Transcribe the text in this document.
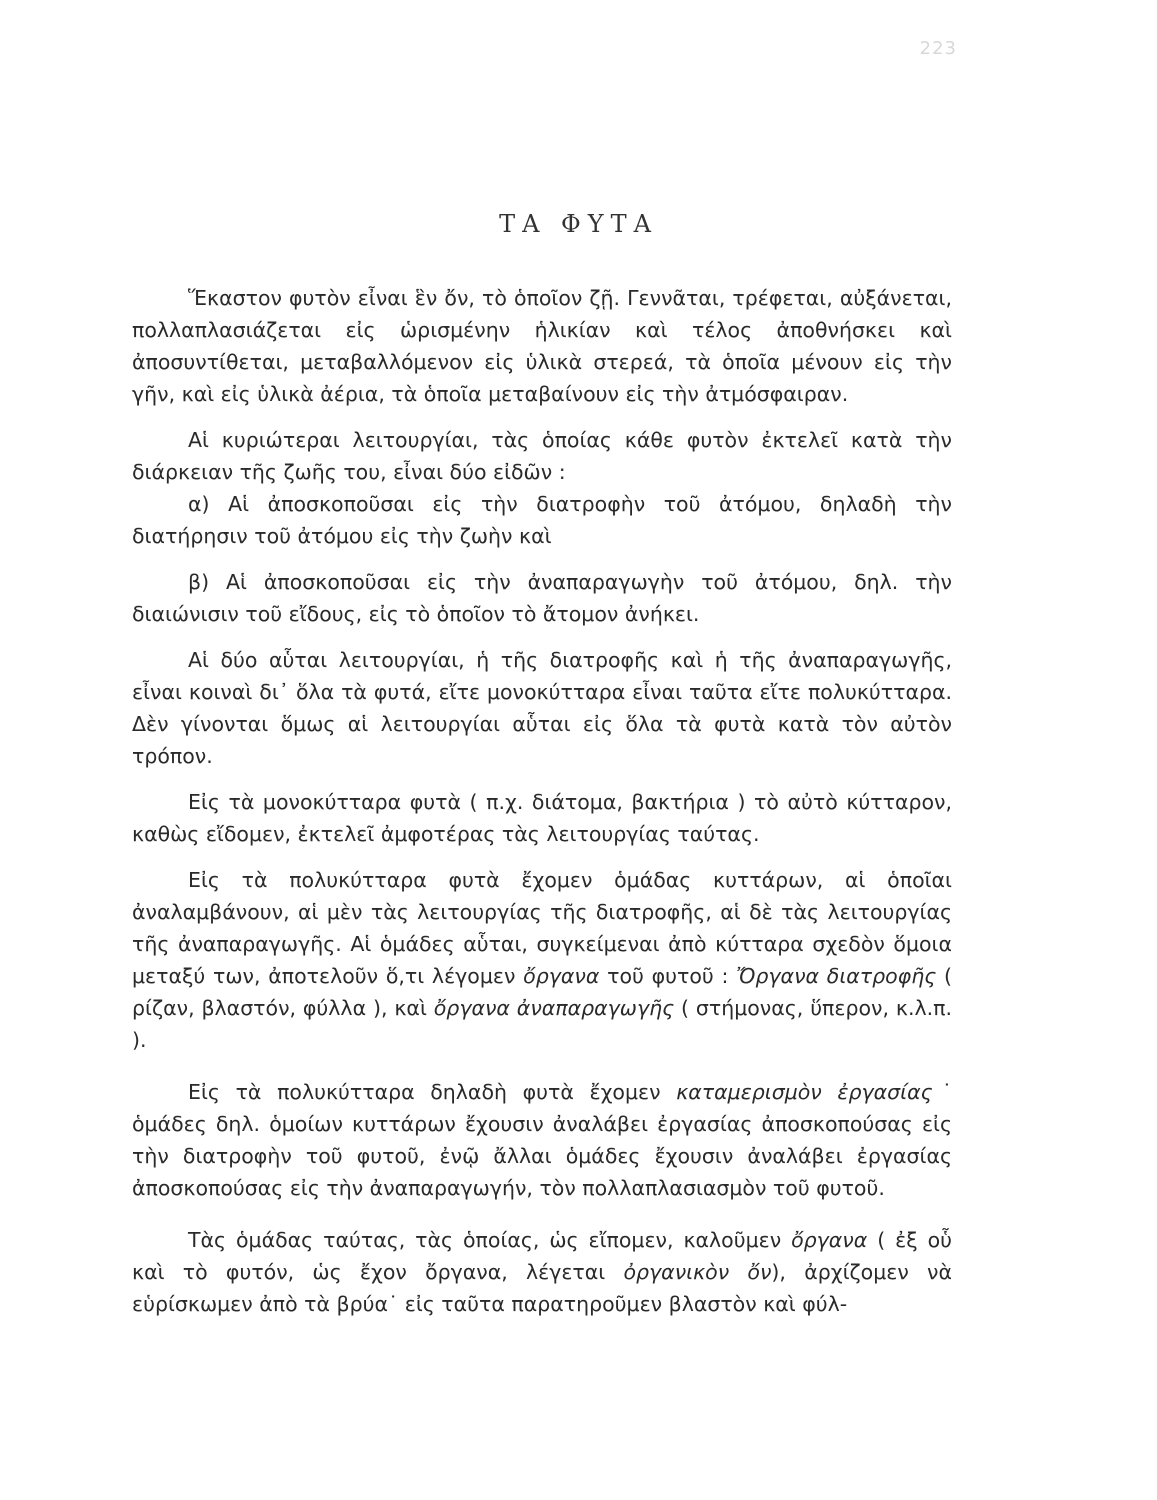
223
ΤΑ ΦΥΤΑ

Ἕκαστον φυτὸν εἶναι ἓν ὄν, τὸ ὁποῖον ζῇ. Γεννᾶται, τρέφεται, αὐξάνεται, πολλαπλασιάζεται εἰς ὡρισμένην ἡλικίαν καὶ τέλος ἀποθνήσκει καὶ ἀποσυντίθεται, μεταβαλλόμενον εἰς ὑλικὰ στερεά, τὰ ὁποῖα μένουν εἰς τὴν γῆν, καὶ εἰς ὑλικὰ ἀέρια, τὰ ὁποῖα μεταβαίνουν εἰς τὴν ἀτμόσφαιραν.

Αἱ κυριώτεραι λειτουργίαι, τὰς ὁποίας κάθε φυτὸν ἐκτελεῖ κατὰ τὴν διάρκειαν τῆς ζωῆς του, εἶναι δύο εἰδῶν :

α) Αἱ ἀποσκοποῦσαι εἰς τὴν διατροφὴν τοῦ ἀτόμου, δηλαδὴ τὴν διατήρησιν τοῦ ἀτόμου εἰς τὴν ζωὴν καὶ

β) Αἱ ἀποσκοποῦσαι εἰς τὴν ἀναπαραγωγὴν τοῦ ἀτόμου, δηλ. τὴν διαιώνισιν τοῦ εἴδους, εἰς τὸ ὁποῖον τὸ ἄτομον ἀνήκει.

Αἱ δύο αὗται λειτουργίαι, ἡ τῆς διατροφῆς καὶ ἡ τῆς ἀναπαραγωγῆς, εἶναι κοιναὶ δι᾽ ὅλα τὰ φυτά, εἴτε μονοκύτταρα εἶναι ταῦτα εἴτε πολυκύτταρα. Δὲν γίνονται ὅμως αἱ λειτουργίαι αὗται εἰς ὅλα τὰ φυτὰ κατὰ τὸν αὐτὸν τρόπον.

Εἰς τὰ μονοκύτταρα φυτὰ ( π.χ. διάτομα, βακτήρια ) τὸ αὐτὸ κύτταρον, καθὼς εἴδομεν, ἐκτελεῖ ἀμφοτέρας τὰς λειτουργίας ταύτας.

Εἰς τὰ πολυκύτταρα φυτὰ ἔχομεν ὁμάδας κυττάρων, αἱ ὁποῖαι ἀναλαμβάνουν, αἱ μὲν τὰς λειτουργίας τῆς διατροφῆς, αἱ δὲ τὰς λειτουργίας τῆς ἀναπαραγωγῆς. Αἱ ὁμάδες αὗται, συγκείμεναι ἀπὸ κύτταρα σχεδὸν ὅμοια μεταξύ των, ἀποτελοῦν ὅ,τι λέγομεν ὄργανα τοῦ φυτοῦ : Ὄργανα διατροφῆς ( ρίζαν, βλαστόν, φύλλα ), καὶ ὄργανα ἀναπαραγωγῆς ( στήμονας, ὕπερον, κ.λ.π. ).

Εἰς τὰ πολυκύτταρα δηλαδὴ φυτὰ ἔχομεν καταμερισμὸν ἐργασίας˙ ὁμάδες δηλ. ὁμοίων κυττάρων ἔχουσιν ἀναλάβει ἐργασίας ἀποσκοπούσας εἰς τὴν διατροφὴν τοῦ φυτοῦ, ἐνῷ ἄλλαι ὁμάδες ἔχουσιν ἀναλάβει ἐργασίας ἀποσκοπούσας εἰς τὴν ἀναπαραγωγήν, τὸν πολλαπλασιασμὸν τοῦ φυτοῦ.

Τὰς ὁμάδας ταύτας, τὰς ὁποίας, ὡς εἴπομεν, καλοῦμεν ὄργανα ( ἐξ οὗ καὶ τὸ φυτόν, ὡς ἔχον ὄργανα, λέγεται ὀργανικὸν ὄν), ἀρχίζομεν νὰ εὑρίσκωμεν ἀπὸ τὰ βρύα˙ εἰς ταῦτα παρατηροῦμεν βλαστὸν καὶ φύλ-
